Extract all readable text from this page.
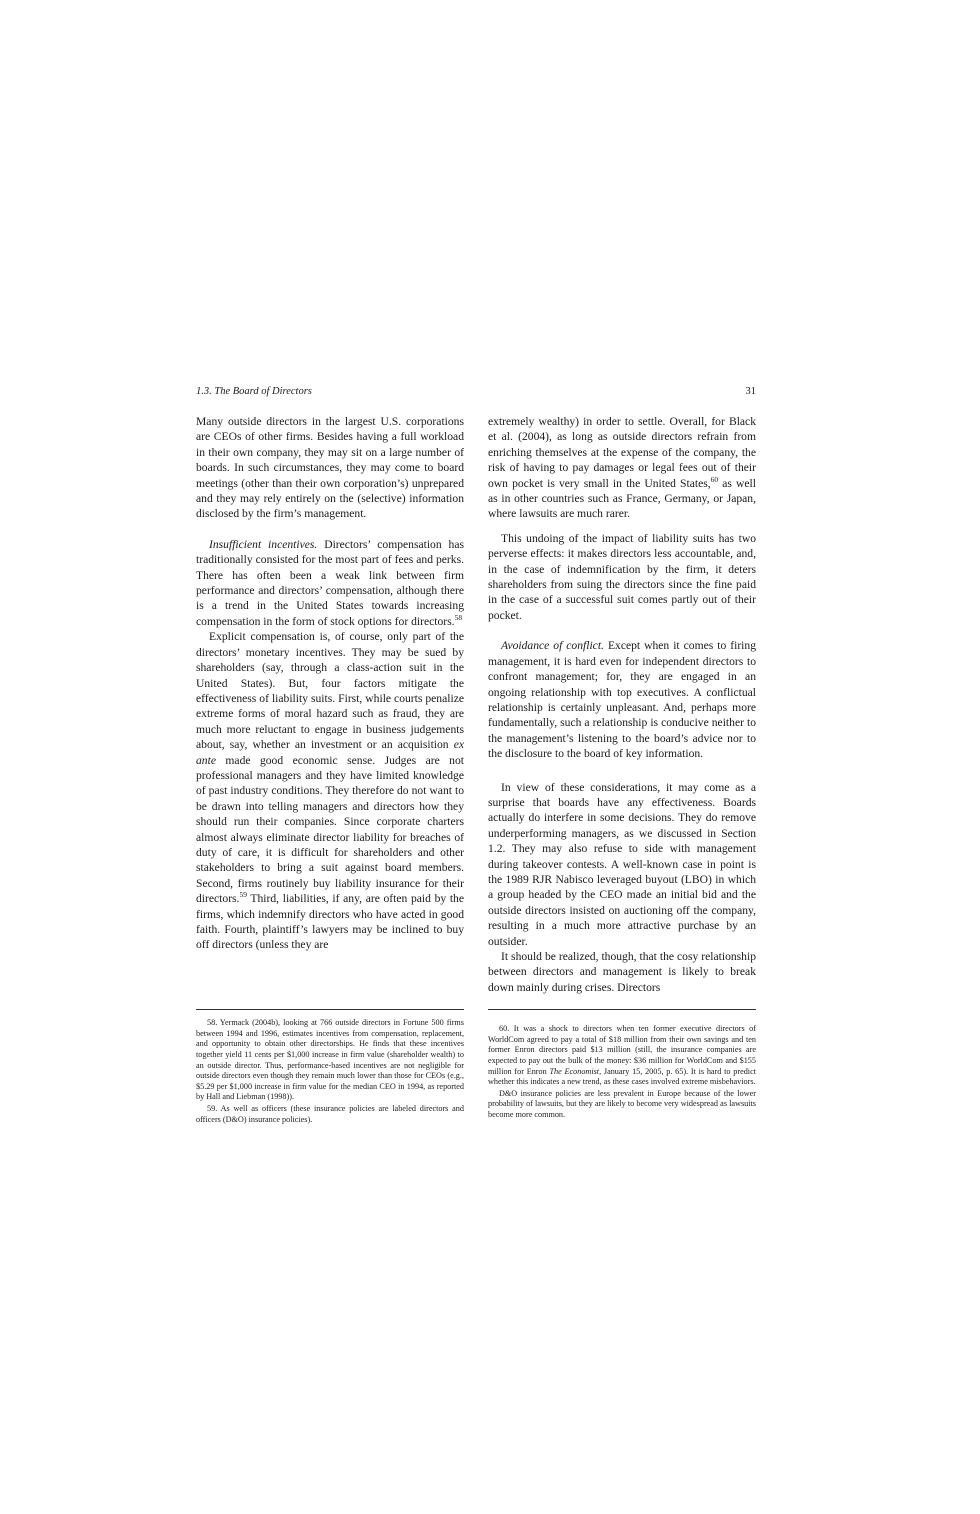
1.3. The Board of Directors	31

Many outside directors in the largest U.S. corporations are CEOs of other firms. Besides having a full workload in their own company, they may sit on a large number of boards. In such circumstances, they may come to board meetings (other than their own corporation’s) unprepared and they may rely entirely on the (selective) information disclosed by the firm’s management.

Insufficient incentives. Directors’ compensation has traditionally consisted for the most part of fees and perks. There has often been a weak link between firm performance and directors’ compensation, although there is a trend in the United States towards increasing compensation in the form of stock options for directors.$^{58}$

Explicit compensation is, of course, only part of the directors’ monetary incentives. They may be sued by shareholders (say, through a class-action suit in the United States). But, four factors mitigate the effectiveness of liability suits. First, while courts penalize extreme forms of moral hazard such as fraud, they are much more reluctant to engage in business judgements about, say, whether an investment or an acquisition ex ante made good economic sense. Judges are not professional managers and they have limited knowledge of past industry conditions. They therefore do not want to be drawn into telling managers and directors how they should run their companies. Since corporate charters almost always eliminate director liability for breaches of duty of care, it is difficult for shareholders and other stakeholders to bring a suit against board members. Second, firms routinely buy liability insurance for their directors.$^{59}$ Third, liabilities, if any, are often paid by the firms, which indemnify directors who have acted in good faith. Fourth, plaintiff’s lawyers may be inclined to buy off directors (unless they are

extremely wealthy) in order to settle. Overall, for Black et al. (2004), as long as outside directors refrain from enriching themselves at the expense of the company, the risk of having to pay damages or legal fees out of their own pocket is very small in the United States,$^{60}$ as well as in other countries such as France, Germany, or Japan, where lawsuits are much rarer.

This undoing of the impact of liability suits has two perverse effects: it makes directors less accountable, and, in the case of indemnification by the firm, it deters shareholders from suing the directors since the fine paid in the case of a successful suit comes partly out of their pocket.

Avoidance of conflict. Except when it comes to firing management, it is hard even for independent directors to confront management; for, they are engaged in an ongoing relationship with top executives. A conflictual relationship is certainly unpleasant. And, perhaps more fundamentally, such a relationship is conducive neither to the management’s listening to the board’s advice nor to the disclosure to the board of key information.

In view of these considerations, it may come as a surprise that boards have any effectiveness. Boards actually do interfere in some decisions. They do remove underperforming managers, as we discussed in Section 1.2. They may also refuse to side with management during takeover contests. A well-known case in point is the 1989 RJR Nabisco leveraged buyout (LBO) in which a group headed by the CEO made an initial bid and the outside directors insisted on auctioning off the company, resulting in a much more attractive purchase by an outsider.

It should be realized, though, that the cosy relationship between directors and management is likely to break down mainly during crises. Directors

58. Yermack (2004b), looking at 766 outside directors in Fortune 500 firms between 1994 and 1996, estimates incentives from compensation, replacement, and opportunity to obtain other directorships. He finds that these incentives together yield 11 cents per $1,000 increase in firm value (shareholder wealth) to an outside director. Thus, performance-based incentives are not negligible for outside directors even though they remain much lower than those for CEOs (e.g., $5.29 per $1,000 increase in firm value for the median CEO in 1994, as reported by Hall and Liebman (1998)).

59. As well as officers (these insurance policies are labeled directors and officers (D&O) insurance policies).

60. It was a shock to directors when ten former executive directors of WorldCom agreed to pay a total of $18 million from their own savings and ten former Enron directors paid $13 million (still, the insurance companies are expected to pay out the bulk of the money: $36 million for WorldCom and $155 million for Enron The Economist, January 15, 2005, p. 65). It is hard to predict whether this indicates a new trend, as these cases involved extreme misbehaviors.

D&O insurance policies are less prevalent in Europe because of the lower probability of lawsuits, but they are likely to become very widespread as lawsuits become more common.
